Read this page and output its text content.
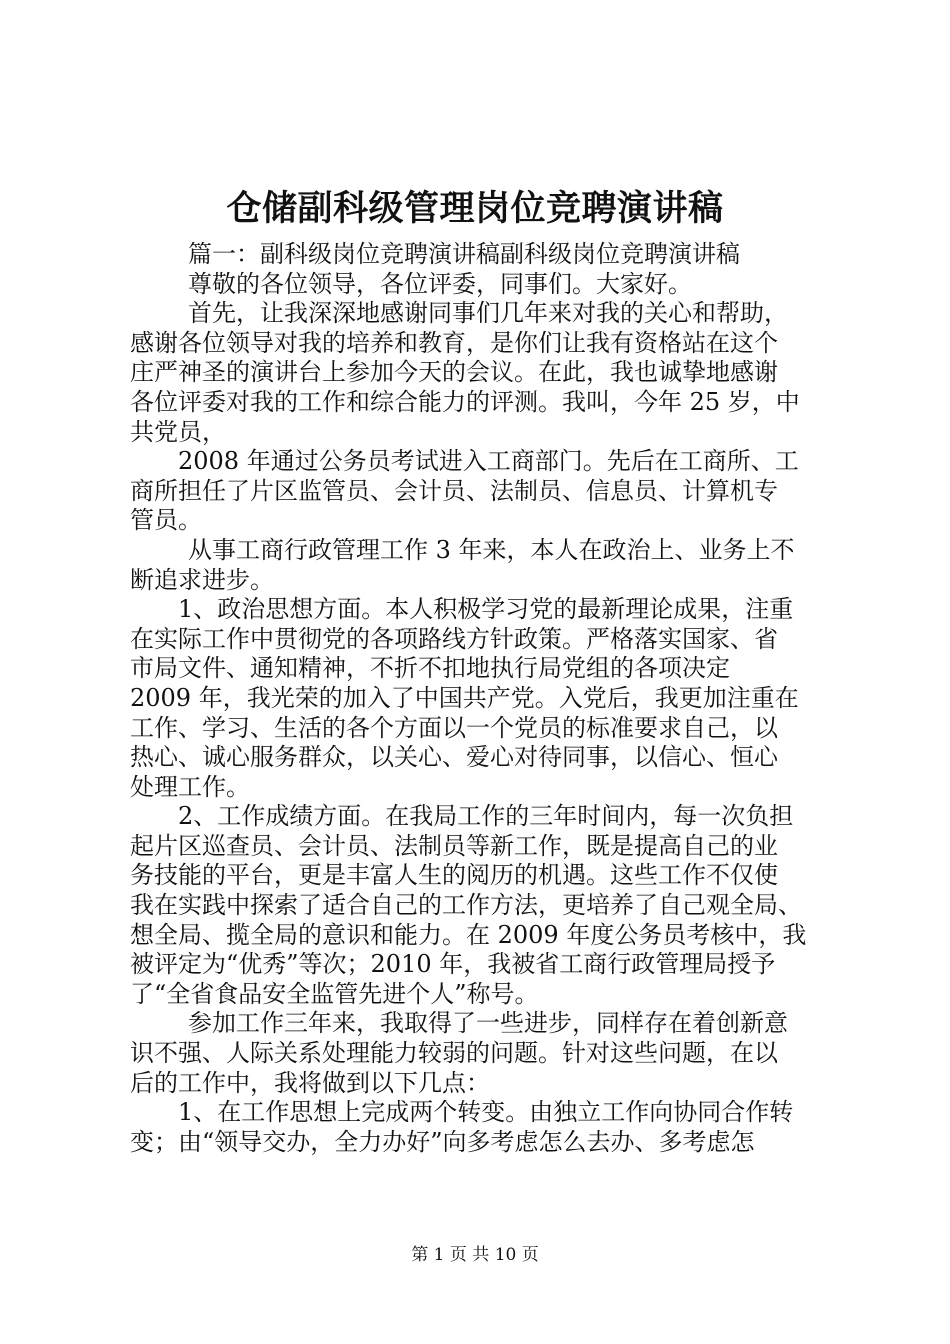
仓储副科级管理岗位竞聘演讲稿
篇一：副科级岗位竞聘演讲稿副科级岗位竞聘演讲稿
尊敬的各位领导，各位评委，同事们。大家好。
首先，让我深深地感谢同事们几年来对我的关心和帮助，
感谢各位领导对我的培养和教育，是你们让我有资格站在这个
庄严神圣的演讲台上参加今天的会议。在此，我也诚挚地感谢
各位评委对我的工作和综合能力的评测。我叫，今年 25 岁，中
共党员，
2008 年通过公务员考试进入工商部门。先后在工商所、工
商所担任了片区监管员、会计员、法制员、信息员、计算机专
管员。
从事工商行政管理工作 3 年来，本人在政治上、业务上不
断追求进步。
1、政治思想方面。本人积极学习党的最新理论成果，注重
在实际工作中贯彻党的各项路线方针政策。严格落实国家、省
市局文件、通知精神，不折不扣地执行局党组的各项决定
2009 年，我光荣的加入了中国共产党。入党后，我更加注重在
工作、学习、生活的各个方面以一个党员的标准要求自己，以
热心、诚心服务群众，以关心、爱心对待同事，以信心、恒心
处理工作。
2、工作成绩方面。在我局工作的三年时间内，每一次负担
起片区巡查员、会计员、法制员等新工作，既是提高自己的业
务技能的平台，更是丰富人生的阅历的机遇。这些工作不仅使
我在实践中探索了适合自己的工作方法，更培养了自己观全局、
想全局、揽全局的意识和能力。在 2009 年度公务员考核中，我
被评定为“优秀”等次；2010 年，我被省工商行政管理局授予
了“全省食品安全监管先进个人”称号。
参加工作三年来，我取得了一些进步，同样存在着创新意
识不强、人际关系处理能力较弱的问题。针对这些问题，在以
后的工作中，我将做到以下几点：
1、在工作思想上完成两个转变。由独立工作向协同合作转
变；由“领导交办，全力办好”向多考虑怎么去办、多考虑怎
第 1 页 共 10 页
